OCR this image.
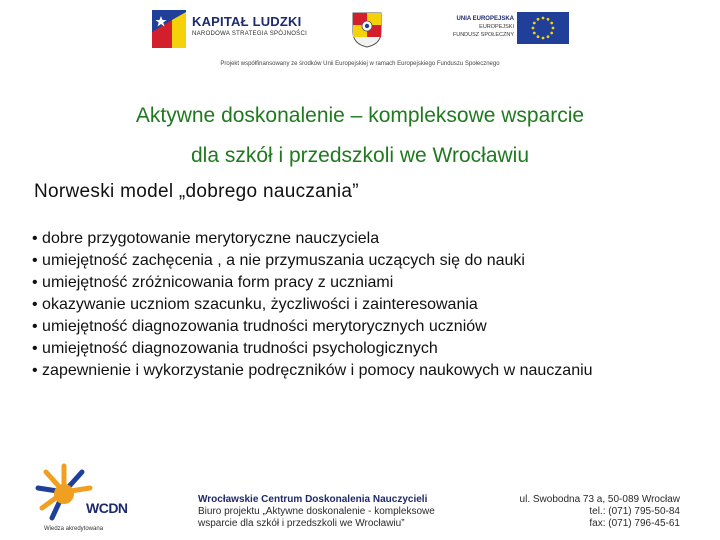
KAPITAŁ LUDZKI
NARODOWA STRATEGIA SPÓJNOŚCI
UNIA EUROPEJSKA
EUROPEJSKI
FUNDUSZ SPOŁECZNY
Projekt współfinansowany ze środków Unii Europejskiej w ramach Europejskiego Funduszu Społecznego
Aktywne doskonalenie – kompleksowe wsparcie
dla szkół i przedszkoli we Wrocławiu
Norweski model „dobrego nauczania”
• dobre przygotowanie merytoryczne nauczyciela
• umiejętność zachęcenia , a nie przymuszania uczących się do nauki
• umiejętność zróżnicowania form pracy z uczniami
• okazywanie uczniom szacunku, życzliwości i zainteresowania
• umiejętność diagnozowania trudności merytorycznych uczniów
• umiejętność diagnozowania trudności psychologicznych
• zapewnienie i wykorzystanie podręczników i pomocy naukowych w nauczaniu
WCDN
Wiedza akredytowana
Wrocławskie Centrum Doskonalenia Nauczycieli
Biuro projektu „Aktywne doskonalenie - kompleksowe
wsparcie dla szkół i przedszkoli we Wrocławiu”
ul. Swobodna 73 a, 50-089 Wrocław
tel.: (071) 795-50-84
fax: (071) 796-45-61
